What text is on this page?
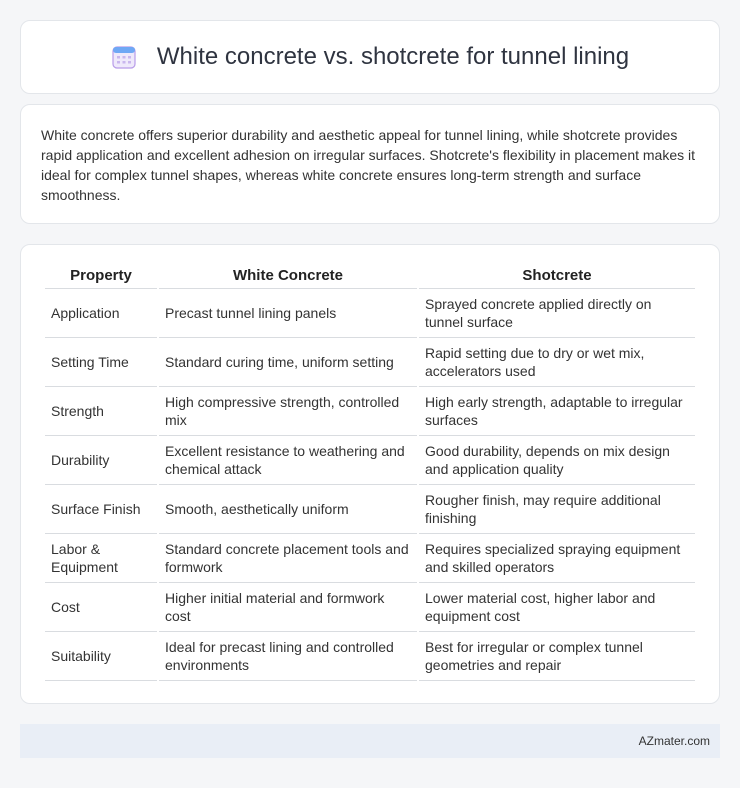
White concrete vs. shotcrete for tunnel lining

White concrete offers superior durability and aesthetic appeal for tunnel lining, while shotcrete provides rapid application and excellent adhesion on irregular surfaces. Shotcrete's flexibility in placement makes it ideal for complex tunnel shapes, whereas white concrete ensures long-term strength and surface smoothness.

Property	White Concrete	Shotcrete
Application	Precast tunnel lining panels	Sprayed concrete applied directly on tunnel surface
Setting Time	Standard curing time, uniform setting	Rapid setting due to dry or wet mix, accelerators used
Strength	High compressive strength, controlled mix	High early strength, adaptable to irregular surfaces
Durability	Excellent resistance to weathering and chemical attack	Good durability, depends on mix design and application quality
Surface Finish	Smooth, aesthetically uniform	Rougher finish, may require additional finishing
Labor & Equipment	Standard concrete placement tools and formwork	Requires specialized spraying equipment and skilled operators
Cost	Higher initial material and formwork cost	Lower material cost, higher labor and equipment cost
Suitability	Ideal for precast lining and controlled environments	Best for irregular or complex tunnel geometries and repair
AZmater.com
